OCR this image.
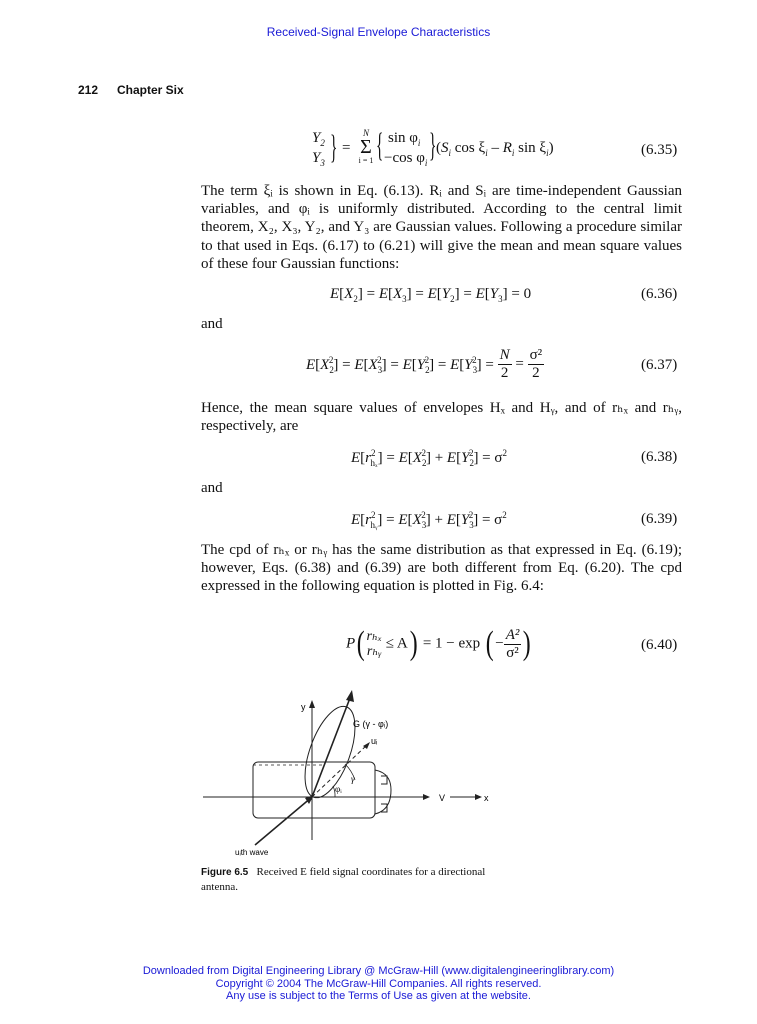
Received-Signal Envelope Characteristics
212 Chapter Six
$Y_2$
$Y_3$ } =
N
Σ
i = 1 { $\sin \varphi_i$
−cos $\varphi_i$ } ($S_i$ $\cos \xi_i - R_i$ $\sin \xi_i$)	(6.35)
The term ξᵢ is shown in Eq. (6.13). Rᵢ and Sᵢ are time-independent Gaussian variables, and φᵢ is uniformly distributed. According to the central limit theorem, X₂, X₃, Y₂, and Y₃ are Gaussian values. Following a procedure similar to that used in Eqs. (6.17) to (6.21) will give the mean and mean square values of these four Gaussian functions:
$E[X_2] = E[X_3] = E[Y_2] = E[Y_3] = 0$	(6.36)
and
$E[X_2^2] = E[X_3^2] = E[Y_2^2] = E[Y_3^2] = \frac{N}{2} = \frac{\text{σ²}}{2}$	(6.37)
Hence, the mean square values of envelopes Hₓ and Hᵧ, and of rₕₓ and rₕᵧ, respectively, are
$E[r^2_{h_x}] = E[X_2^2] + E[Y_2^2] = \sigma^2$	(6.38)
and
$E[r^2_{hᵧ}] = E[X_3^2] + E[Y_3^2] = \sigma^2$	(6.39)
The cpd of rₕₓ or rₕᵧ has the same distribution as that expressed in Eq. (6.19); however, Eqs. (6.38) and (6.39) are both different from Eq. (6.20). The cpd expressed in the following equation is plotted in Fig. 6.4:
P( rₕₓ
rₕᵧ ≤ A) = 1 − exp ( − $\frac{\text{A²}}{\text{σ²}}$ )	(6.40)
y
G (γ - φᵢ)
uᵢ
γ
φᵢ
V	x
uᵢth wave
Figure 6.5 Received E field signal coordinates for a directional antenna.
Downloaded from Digital Engineering Library @ McGraw-Hill (www.digitalengineeringlibrary.com)
Copyright © 2004 The McGraw-Hill Companies. All rights reserved.
Any use is subject to the Terms of Use as given at the website.
